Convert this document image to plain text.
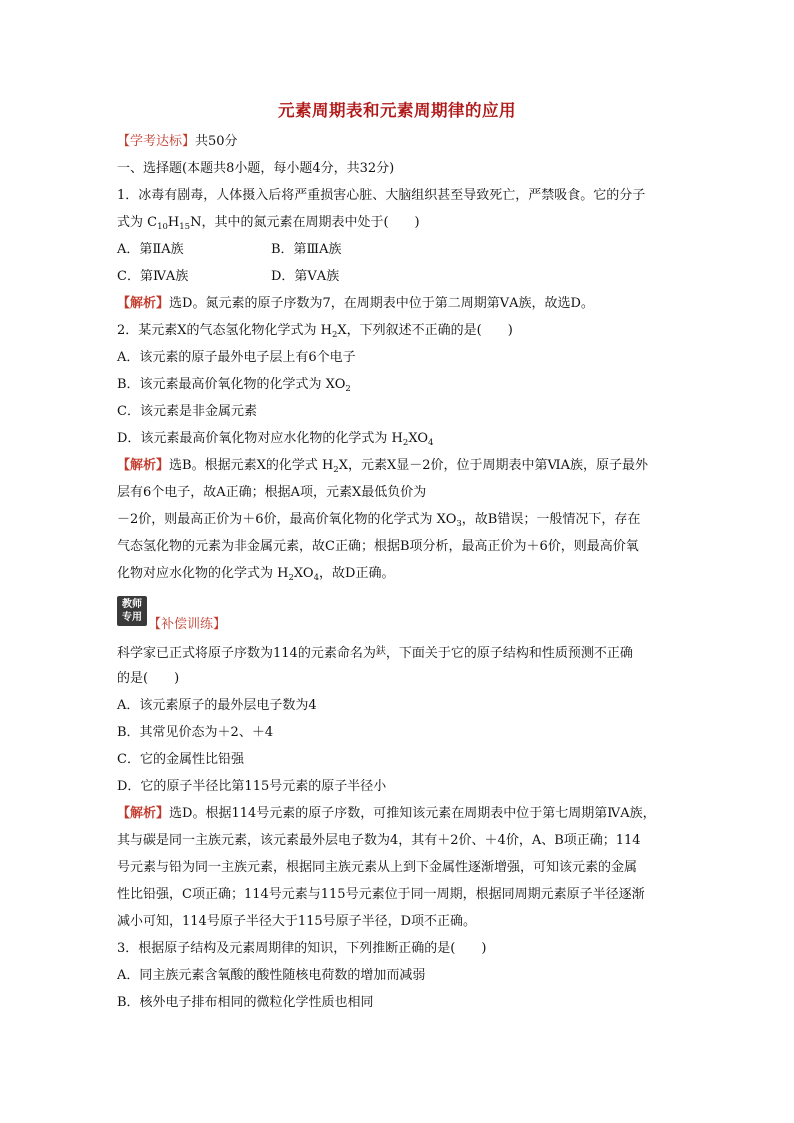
元素周期表和元素周期律的应用
【学考达标】共50分
一、选择题(本题共8小题，每小题4分，共32分)
1．冰毒有剧毒，人体摄入后将严重损害心脏、大脑组织甚至导致死亡，严禁吸食。它的分子
式为 $C_{10}H_{15}N$，其中的氮元素在周期表中处于(　　)
A．第ⅡA族	B．第ⅢA族
C．第ⅣA族	D．第ⅤA族
【解析】选D。氮元素的原子序数为7，在周期表中位于第二周期第ⅤA族，故选D。
2．某元素X的气态氢化物化学式为 $H_2X$，下列叙述不正确的是(　　)
A．该元素的原子最外电子层上有6个电子
B．该元素最高价氧化物的化学式为 $XO_2$
C．该元素是非金属元素
D．该元素最高价氧化物对应水化物的化学式为 $H_2XO_4$
【解析】选B。根据元素X的化学式 $H_2X$，元素X显－2价，位于周期表中第ⅥA族，原子最外
层有6个电子，故A正确；根据A项，元素X最低负价为
－2价，则最高正价为＋6价，最高价氧化物的化学式为 $XO_3$，故B错误；一般情况下，存在
气态氢化物的元素为非金属元素，故C正确；根据B项分析，最高正价为＋6价，则最高价氧
化物对应水化物的化学式为 $H_2XO_4$，故D正确。
教师
专用 【补偿训练】
科学家已正式将原子序数为114的元素命名为$^鈇$，下面关于它的原子结构和性质预测不正确
的是(　　)
A．该元素原子的最外层电子数为4
B．其常见价态为＋2、＋4
C．它的金属性比铅强
D．它的原子半径比第115号元素的原子半径小
【解析】选D。根据114号元素的原子序数，可推知该元素在周期表中位于第七周期第ⅣA族，
其与碳是同一主族元素，该元素最外层电子数为4，其有＋2价、＋4价，A、B项正确；114
号元素与铅为同一主族元素，根据同主族元素从上到下金属性逐渐增强，可知该元素的金属
性比铅强，C项正确；114号元素与115号元素位于同一周期，根据同周期元素原子半径逐渐
减小可知，114号原子半径大于115号原子半径，D项不正确。
3．根据原子结构及元素周期律的知识，下列推断正确的是(　　)
A．同主族元素含氧酸的酸性随核电荷数的增加而减弱
B．核外电子排布相同的微粒化学性质也相同
